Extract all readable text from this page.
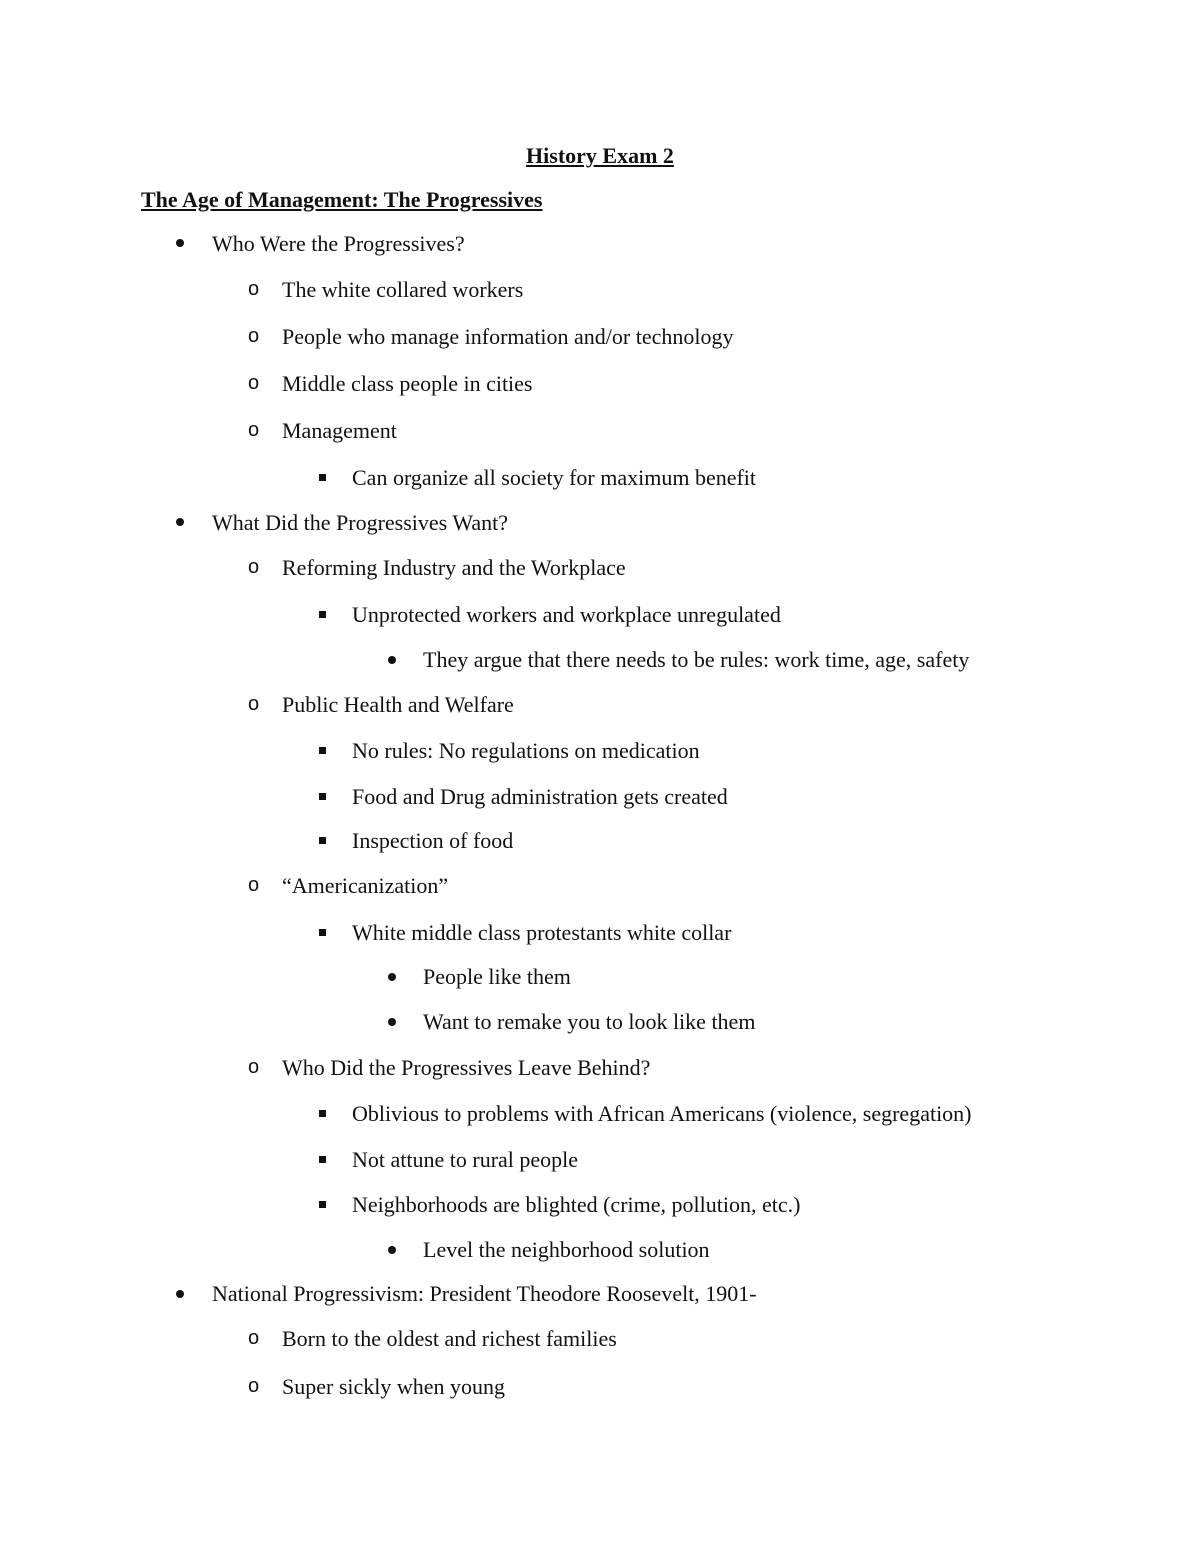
History Exam 2
The Age of Management: The Progressives
Who Were the Progressives?
o The white collared workers
o People who manage information and/or technology
o Middle class people in cities
o Management
Can organize all society for maximum benefit
What Did the Progressives Want?
o Reforming Industry and the Workplace
Unprotected workers and workplace unregulated
They argue that there needs to be rules: work time, age, safety
o Public Health and Welfare
No rules: No regulations on medication
Food and Drug administration gets created
Inspection of food
o “Americanization”
White middle class protestants white collar
People like them
Want to remake you to look like them
o Who Did the Progressives Leave Behind?
Oblivious to problems with African Americans (violence, segregation)
Not attune to rural people
Neighborhoods are blighted (crime, pollution, etc.)
Level the neighborhood solution
National Progressivism: President Theodore Roosevelt, 1901-
o Born to the oldest and richest families
o Super sickly when young
